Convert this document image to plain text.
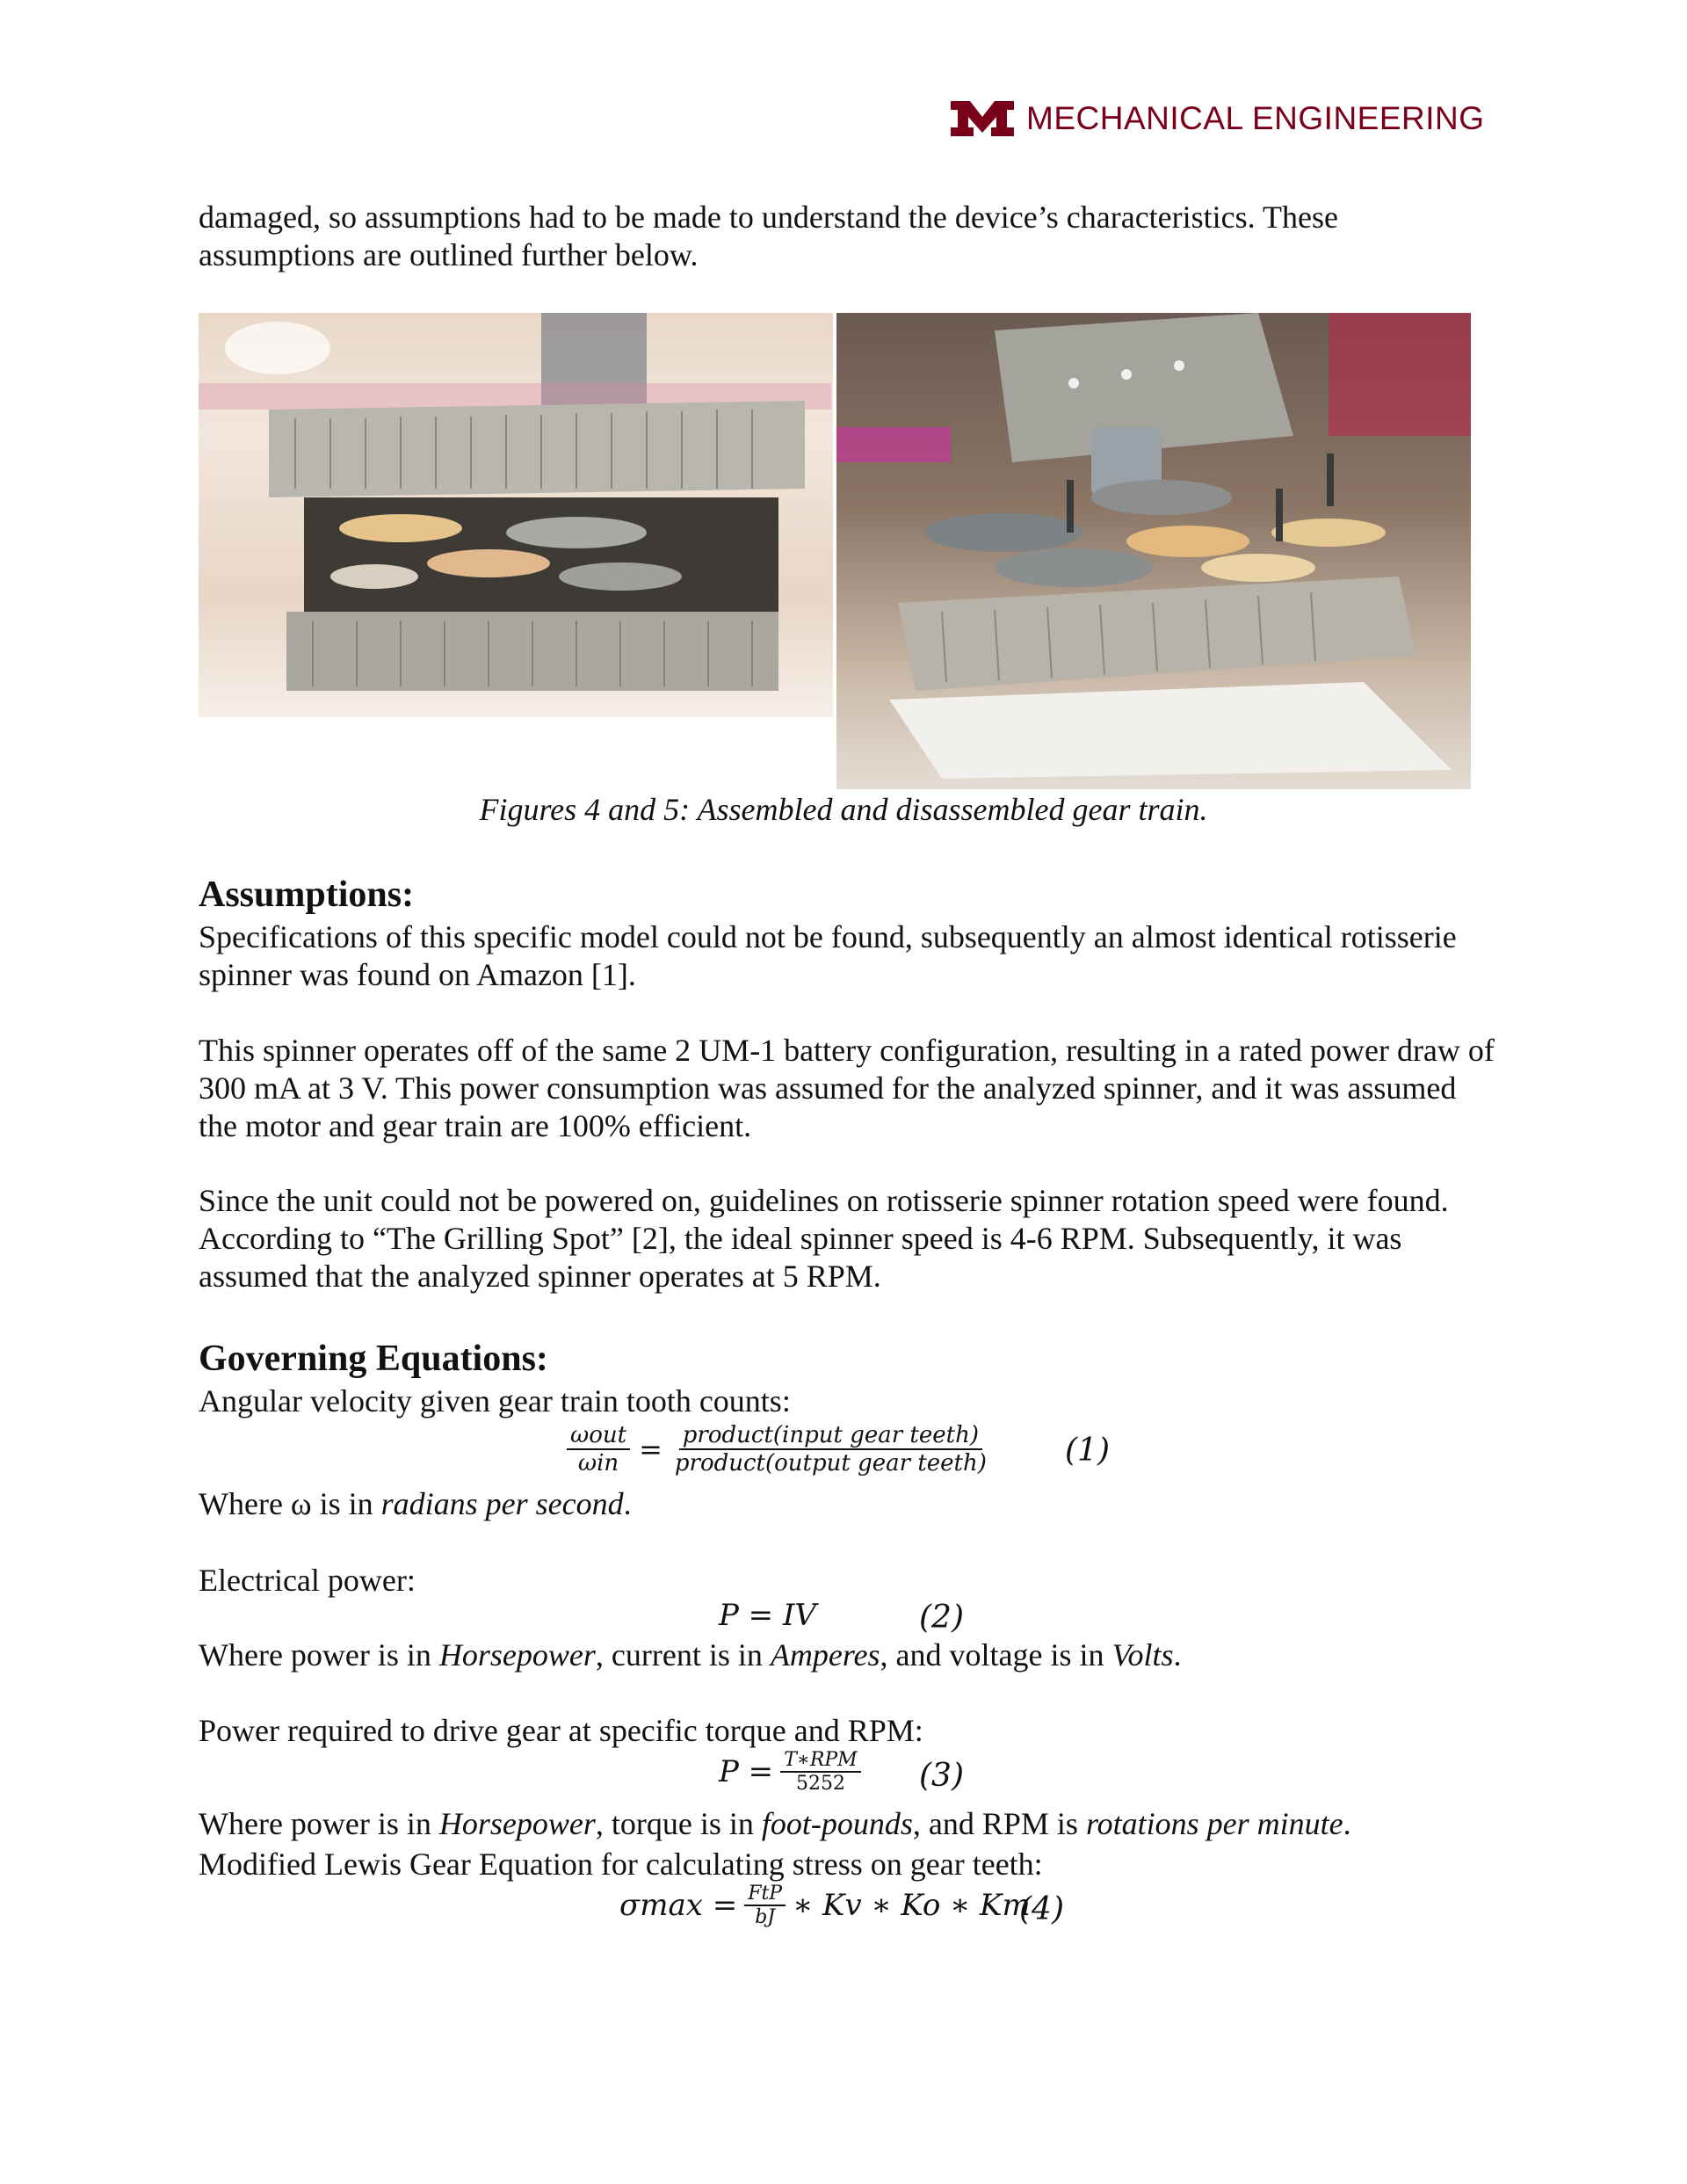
MECHANICAL ENGINEERING
damaged, so assumptions had to be made to understand the device’s characteristics. These assumptions are outlined further below.
Figures 4 and 5: Assembled and disassembled gear train.
Assumptions:
Specifications of this specific model could not be found, subsequently an almost identical rotisserie spinner was found on Amazon [1].
This spinner operates off of the same 2 UM-1 battery configuration, resulting in a rated power draw of 300 mA at 3 V. This power consumption was assumed for the analyzed spinner, and it was assumed the motor and gear train are 100% efficient.
Since the unit could not be powered on, guidelines on rotisserie spinner rotation speed were found. According to “The Grilling Spot” [2], the ideal spinner speed is 4-6 RPM. Subsequently, it was assumed that the analyzed spinner operates at 5 RPM.
Governing Equations:
Angular velocity given gear train tooth counts:
$\frac{\text{ωout}}{\text{ωin}} = \frac{\text{product(input gear teeth)}}{\text{product(output gear teeth)}} (1)$
Where ω is in radians per second.
Electrical power:
P = IV	(2)
Where power is in Horsepower, current is in Amperes, and voltage is in Volts.
Power required to drive gear at specific torque and RPM:
$P = \frac{\text{T∗RPM}}{5252} (3)$
Where power is in Horsepower, torque is in foot-pounds, and RPM is rotations per minute.
Modified Lewis Gear Equation for calculating stress on gear teeth:
$\sigma\max = \frac{\text{FtP}}{bJ}$ ∗ Kv ∗ Ko ∗ Km
(4)
